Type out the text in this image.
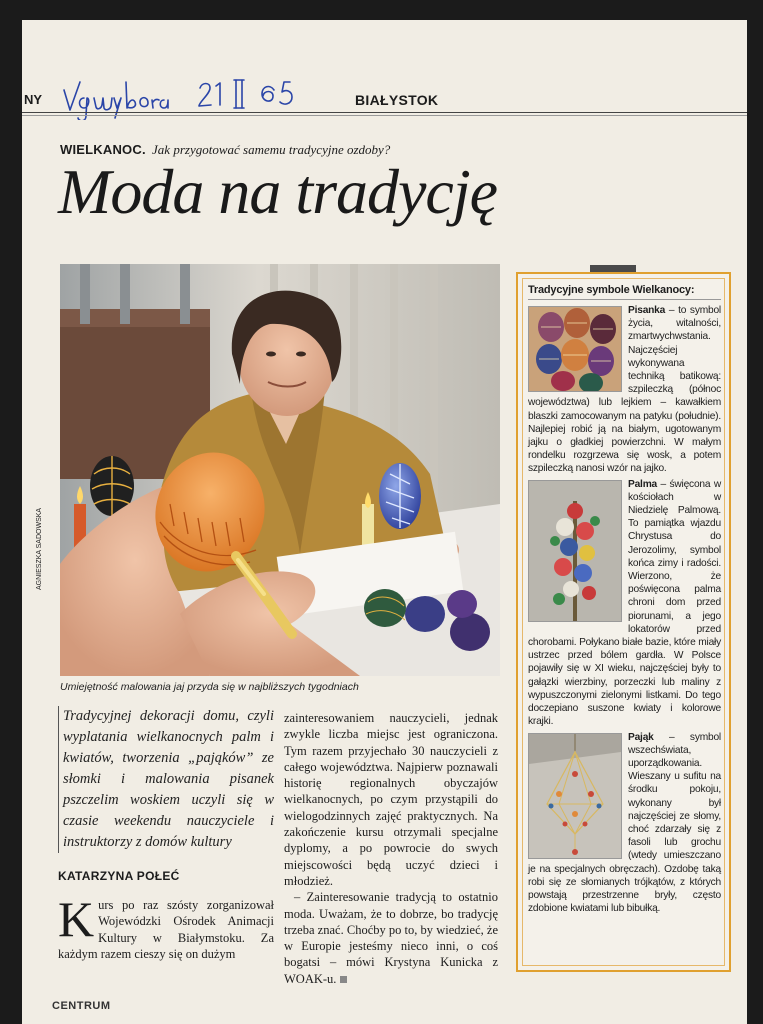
NY	BIAŁYSTOK
WIELKANOC. Jak przygotować samemu tradycyjne ozdoby?
Moda na tradycję
AGNIESZKA SADOWSKA
Umiejętność malowania jaj przyda się w najbliższych tygodniach

Tradycyjnej dekoracji domu, czyli wyplatania wielkanocnych palm i kwiatów, tworzenia „pająków” ze słomki i malowania pisanek pszczelim woskiem uczyli się w czasie weekendu nauczyciele i instruktorzy z domów kultury

KATARZYNA POŁEĆ

K urs po raz szósty zorganizował Wojewódzki Ośrodek Animacji Kultury w Białymstoku. Za każdym razem cieszy się on dużym

zainteresowaniem nauczycieli, jednak zwykle liczba miejsc jest ograniczona. Tym razem przyjechało 30 nauczycieli z całego województwa. Najpierw poznawali historię regionalnych obyczajów wielkanocnych, po czym przystąpili do wielogodzinnych zajęć praktycznych. Na zakończenie kursu otrzymali specjalne dyplomy, a po powrocie do swych miejscowości będą uczyć dzieci i młodzież.

– Zainteresowanie tradycją to ostatnio moda. Uważam, że to dobrze, bo tradycję trzeba znać. Choćby po to, by wiedzieć, że w Europie jesteśmy nieco inni, o coś bogatsi – mówi Krystyna Kunicka z WOAK-u.

Tradycyjne symbole Wielkanocy:

Pisanka – to symbol życia, witalności, zmartwychwstania. Najczęściej wykonywana techniką batikową: szpileczką (północ województwa) lub lejkiem – kawałkiem blaszki zamocowanym na patyku (południe). Najlepiej robić ją na białym, ugotowanym jajku o gładkiej powierzchni. W małym rondelku rozgrzewa się wosk, a potem szpileczką nanosi wzór na jajko.

Palma – święcona w kościołach w Niedzielę Palmową. To pamiątka wjazdu Chrystusa do Jerozolimy, symbol końca zimy i radości. Wierzono, że poświęcona palma chroni dom przed piorunami, a jego lokatorów przed chorobami. Połykano białe bazie, które miały ustrzec przed bólem gardła. W Polsce pojawiły się w XI wieku, najczęściej były to gałązki wierzbiny, porzeczki lub maliny z wypuszczonymi zielonymi listkami. Do tego doczepiano suszone kwiaty i kolorowe krajki.

Pająk – symbol wszechświata, uporządkowania. Wieszany u sufitu na środku pokoju, wykonany był najczęściej ze słomy, choć zdarzały się z fasoli lub grochu (wtedy umieszczano je na specjalnych obręczach). Ozdobę taką robi się ze słomianych trójkątów, z których powstają przestrzenne bryły, często zdobione kwiatami lub bibułką.

CENTRUM
